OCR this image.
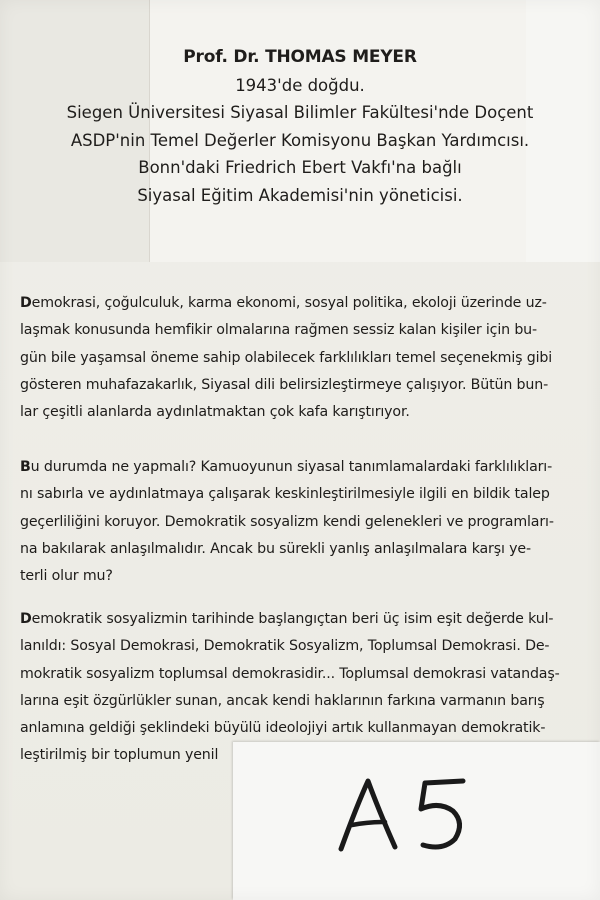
Prof. Dr. THOMAS MEYER
1943'de doğdu.
Siegen Üniversitesi Siyasal Bilimler Fakültesi'nde Doçent
ASDP'nin Temel Değerler Komisyonu Başkan Yardımcısı.
Bonn'daki Friedrich Ebert Vakfı'na bağlı
Siyasal Eğitim Akademisi'nin yöneticisi.
Demokrasi, çoğulculuk, karma ekonomi, sosyal politika, ekoloji üzerinde uz-
laşmak konusunda hemfikir olmalarına rağmen sessiz kalan kişiler için bu-
gün bile yaşamsal öneme sahip olabilecek farklılıkları temel seçenekmiş gibi
gösteren muhafazakarlık, Siyasal dili belirsizleştirmeye çalışıyor. Bütün bun-
lar çeşitli alanlarda aydınlatmaktan çok kafa karıştırıyor.
Bu durumda ne yapmalı? Kamuoyunun siyasal tanımlamalardaki farklılıkları-
nı sabırla ve aydınlatmaya çalışarak keskinleştirilmesiyle ilgili en bildik talep
geçerliliğini koruyor. Demokratik sosyalizm kendi gelenekleri ve programları-
na bakılarak anlaşılmalıdır. Ancak bu sürekli yanlış anlaşılmalara karşı ye-
terli olur mu?
Demokratik sosyalizmin tarihinde başlangıçtan beri üç isim eşit değerde kul-
lanıldı: Sosyal Demokrasi, Demokratik Sosyalizm, Toplumsal Demokrasi. De-
mokratik sosyalizm toplumsal demokrasidir... Toplumsal demokrasi vatandaş-
larına eşit özgürlükler sunan, ancak kendi haklarının farkına varmanın barış
anlamına geldiği şeklindeki büyülü ideolojiyi artık kullanmayan demokratik-
leştirilmiş bir toplumun yenil
